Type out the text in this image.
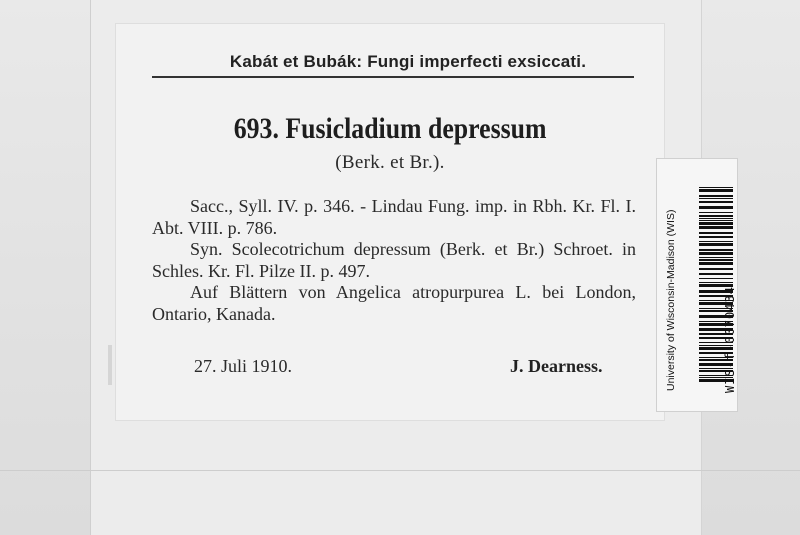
Kabát et Bubák: Fungi imperfecti exsiccati.
693. Fusicladium depressum
(Berk. et Br.).

Sacc., Syll. IV. p. 346. - Lindau Fung. imp. in Rbh. Kr. Fl. I. Abt. VIII. p. 786.

Syn. Scolecotrichum depressum (Berk. et Br.) Schroet. in Schles. Kr. Fl. Pilze II. p. 497.

Auf Blättern von Angelica atropurpurea L. bei London, Ontario, Kanada.

27. Juli 1910.	J. Dearness.	University of Wisconsin-Madison (WIS)	WIS-f-0070434
